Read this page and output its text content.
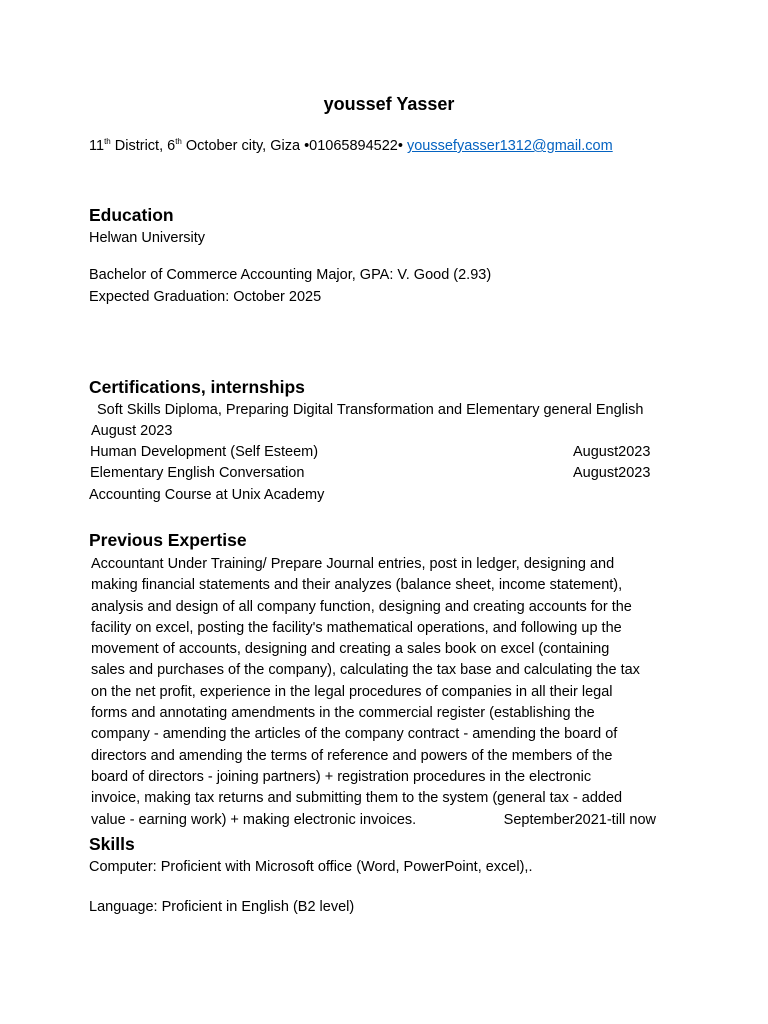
youssef Yasser
11th District, 6th October city, Giza •01065894522• youssefyasser1312@gmail.com
Education
Helwan University
Bachelor of Commerce Accounting Major, GPA: V. Good (2.93)
Expected Graduation: October 2025
Certifications, internships
Soft Skills Diploma, Preparing Digital Transformation and Elementary general English
August 2023
Human Development (Self Esteem)	August2023
Elementary English Conversation	August2023
Accounting Course at Unix Academy
Previous Expertise
Accountant Under Training/ Prepare Journal entries, post in ledger, designing and
making financial statements and their analyzes (balance sheet, income statement),
analysis and design of all company function, designing and creating accounts for the
facility on excel, posting the facility's mathematical operations, and following up the
movement of accounts, designing and creating a sales book on excel (containing
sales and purchases of the company), calculating the tax base and calculating the tax
on the net profit, experience in the legal procedures of companies in all their legal
forms and annotating amendments in the commercial register (establishing the
company - amending the articles of the company contract - amending the board of
directors and amending the terms of reference and powers of the members of the
board of directors - joining partners) + registration procedures in the electronic
invoice, making tax returns and submitting them to the system (general tax - added
value - earning work) + making electronic invoices.	September2021-till now
Skills
Computer: Proficient with Microsoft office (Word, PowerPoint, excel),.
Language: Proficient in English (B2 level)
